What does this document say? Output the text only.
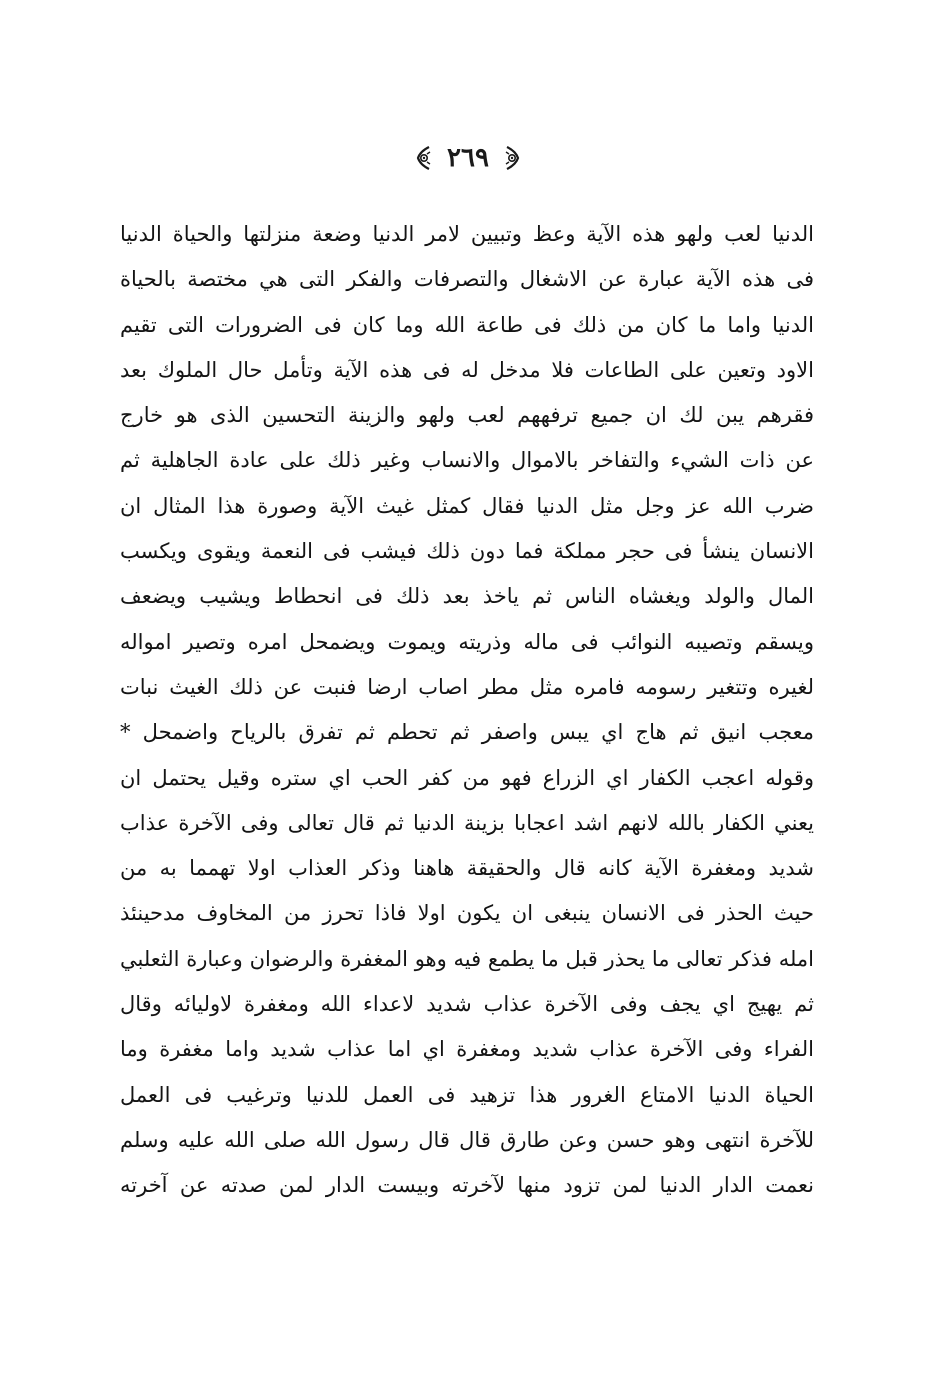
٢٦٩
الدنيا لعب ولهو هذه الآية وعظ وتبيين لامر الدنيا وضعة منزلتها والحياة الدنيا
فى هذه الآية عبارة عن الاشغال والتصرفات والفكر التى هي مختصة بالحياة
الدنيا واما ما كان من ذلك فى طاعة الله وما كان فى الضرورات التى تقيم
الاود وتعين على الطاعات فلا مدخل له فى هذه الآية وتأمل حال الملوك بعد
فقرهم يبن لك ان جميع ترفههم لعب ولهو والزينة التحسين الذى هو خارج
عن ذات الشيء والتفاخر بالاموال والانساب وغير ذلك على عادة الجاهلية ثم
ضرب الله عز وجل مثل الدنيا فقال كمثل غيث الآية وصورة هذا المثال ان
الانسان ينشأ فى حجر مملكة فما دون ذلك فيشب فى النعمة ويقوى ويكسب
المال والولد ويغشاه الناس ثم ياخذ بعد ذلك فى انحطاط ويشيب ويضعف
ويسقم وتصيبه النوائب فى ماله وذريته ويموت ويضمحل امره وتصير امواله
لغيره وتتغير رسومه فامره مثل مطر اصاب ارضا فنبت عن ذلك الغيث نبات
معجب انيق ثم هاج اي يبس واصفر ثم تحطم ثم تفرق بالرياح واضمحل *
وقوله اعجب الكفار اي الزراع فهو من كفر الحب اي ستره وقيل يحتمل ان
يعني الكفار بالله لانهم اشد اعجابا بزينة الدنيا ثم قال تعالى وفى الآخرة عذاب
شديد ومغفرة الآية كانه قال والحقيقة هاهنا وذكر العذاب اولا تهمما به من
حيث الحذر فى الانسان ينبغى ان يكون اولا فاذا تحرز من المخاوف مدحينئذ
امله فذكر تعالى ما يحذر قبل ما يطمع فيه وهو المغفرة والرضوان وعبارة الثعلبي
ثم يهيج اي يجف وفى الآخرة عذاب شديد لاعداء الله ومغفرة لاوليائه وقال
الفراء وفى الآخرة عذاب شديد ومغفرة اي اما عذاب شديد واما مغفرة وما
الحياة الدنيا الامتاع الغرور هذا تزهيد فى العمل للدنيا وترغيب فى العمل
للآخرة انتهى وهو حسن وعن طارق قال قال رسول الله صلى الله عليه وسلم
نعمت الدار الدنيا لمن تزود منها لآخرته وبيست الدار لمن صدته عن آخرته
